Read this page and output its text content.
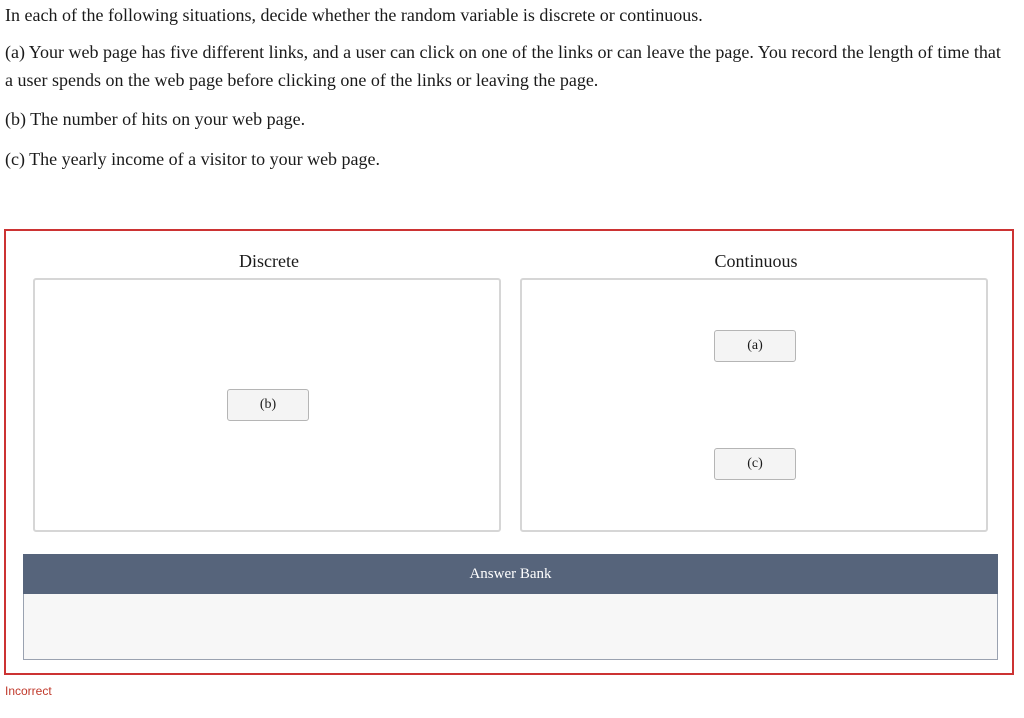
In each of the following situations, decide whether the random variable is discrete or continuous.

(a) Your web page has five different links, and a user can click on one of the links or can leave the page. You record the length of time that a user spends on the web page before clicking one of the links or leaving the page.

(b) The number of hits on your web page.

(c) The yearly income of a visitor to your web page.

Discrete	Continuous
(b)
(a)
(c)
Answer Bank
Incorrect
